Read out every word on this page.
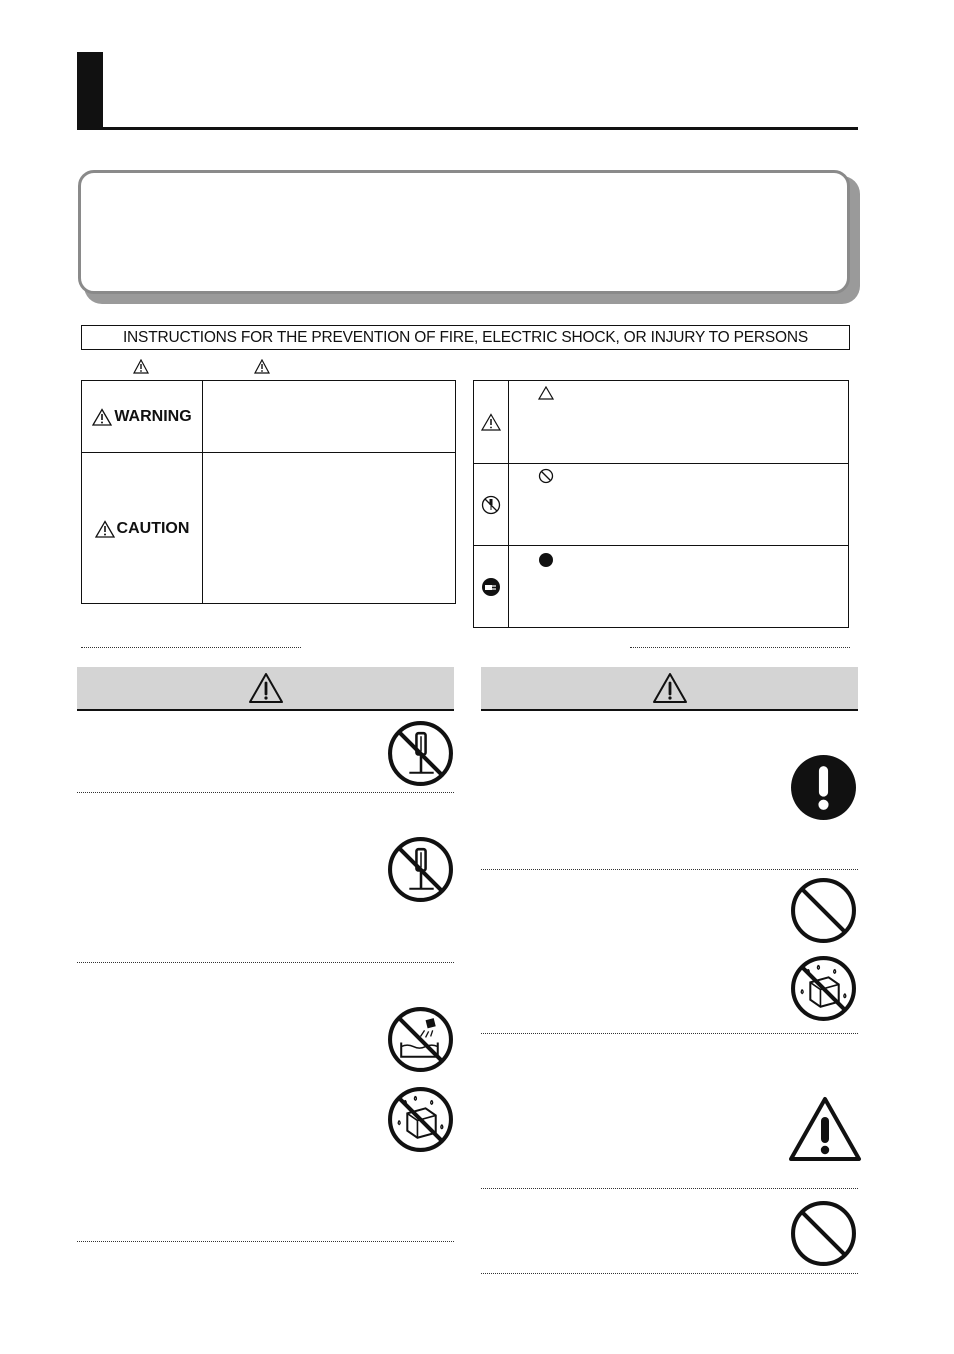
INSTRUCTIONS FOR THE PREVENTION OF FIRE, ELECTRIC SHOCK, OR INJURY TO PERSONS
WARNING
CAUTION
